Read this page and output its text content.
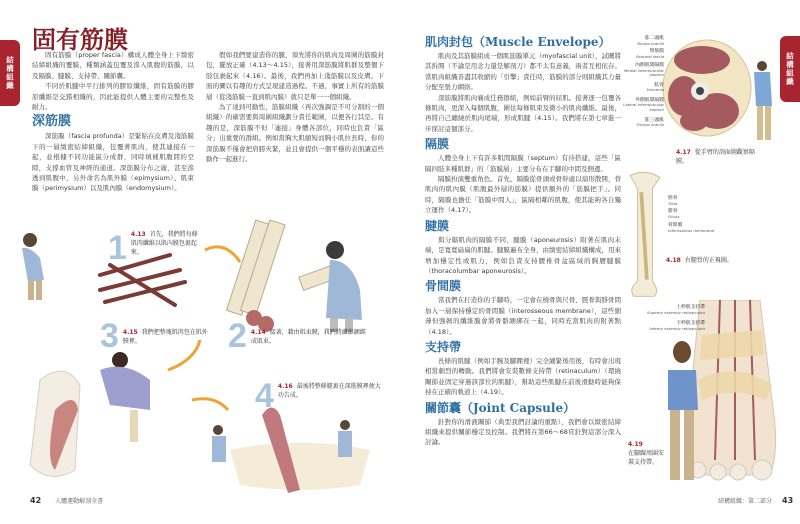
結構組織
固有筋膜

固有筋膜（proper fascia）構成人體全身上下緻密結締組織的覆膜，種類涵蓋包覆及滲入肌腹的筋膜，以及隔膜、腱膜、支持帶、關節囊。

不同於肌腱中平行排列的膠原纖維，固有筋膜的膠原纖維是交錯相織的，因此能提供人體主要的完整性及耐力。

深筋膜

深筋膜（fascia profunda）是緊貼在皮膚及淺筋膜下的一層緻密結締組織，包覆著肌肉，使其連接在一起，並根據不同功能區分成群，同時填補肌腹間的空隙，支撐血管及神經的通道。深筋膜分布之廣，甚至滲透到肌腹中，另外命名為肌外膜（epimysium）、肌束膜（perimysium）以及肌內膜（endomysium）。

假如我們要建造你的腿，須先將你的肌肉及周圍的筋膜封包，擺放正確（4.13～4.15），接著用深筋膜將肌群及整個下肢包裹起來（4.16）。最後，我們再加上淺筋膜以及皮膚。下面的圖以有趣的方式呈現建造過程。不過，事實上所有的筋膜層（從淺筋膜一直到肌內膜）就只是單一一個組織。

為了達到可動性，筋膜組織（再次強調是不可分割的一個組織）的確需要與周圍組織劃分責任範圍，以便各行其是。有趣的是，深筋膜不但「連接」身體各部位，同時也負責「區分」出重要的群組。例如當胸大肌縮短而胸小肌拉長時，你的深筋膜不僅會把肩膀夾緊，並且會提供一個平穩的表面讓這些動作一起進行。

1 4.13 首先，我們將每條肌肉纖維以肌內膜包裹起來。
2 4.14 接著，藉由肌束膜，我們將纖維綑綁成肌束。
3 4.15 我們把整塊肌肉包在肌外膜裡。
4 4.16 最後將整條腿裹在深筋膜裡便大功告成。
42 人體運動解剖全書
結構組織
肌肉封包（Muscle Envelope）

肌肉及其筋膜組成一個肌筋膜單元（myofascial unit），試圖將其拆開（不論是用念力還是解剖刀）都不太有意義，兩者互相依存。當肌肉組織善盡其收縮的「引擎」責任時，筋膜的部分則組織其力量分配至張力網絡。

深筋膜將肌肉襄成任務群組，例如前臂的屈肌。接著逐一包覆各條肌肉，更深入每個肌腹，圍住每條肌束及微小的肌肉纖維。最後，再將自己纏繞於肌肉尾端，形成肌腱（4.15）。我們將在第七章進一步探討這個部分。

隔膜

人體全身上下有許多肌間隔膜（septum）有待搭建，這些「區隔四肢多種肌群」的「筋膜層」主要分布在手腳的中間及側邊。

隔膜扮演雙重角色。首先，隔膜從骨頭或骨幹處以扇形散開，替肌肉的肌內膜（肌腹最外層的筋膜）提供額外的「筋膜把手」。同時，隔膜也擔任「筋膜中間人」，區隔相鄰的肌腹，使其能夠各自獨立運作（4.17）。

腱膜

與分隔肌肉的隔膜不同，腱膜（aponeurosis）附著在肌肉末端，是寬寬扁扁的肌腱。腱膜遍布全身，由緻密結締組織構成，用來增加穩定性或肌力，例如負責支持腰椎骨盆區域的胸腰腱膜（thoracolumbar aponeurosis）。

骨間膜

當我們在打造你的手腳時，一定會在橈骨與尺骨、脛骨與腓骨間加入一層保持穩定的骨間膜（interosseous membrane），這些細薄但強韌的纖維膜會將骨骼綑綁在一起，同時充當肌肉的附著點（4.18）。

支持帶

長條的肌腱（例如手腕及腳踝裡）完全繃緊後用後，有時會出現相當劇烈的轉動。我們將會安裝數條支持帶（retinaculum）（環繞關節並固定穿過該部位的肌腱），幫助這些肌腱在前後滑動時能夠保持在正確的軌道上（4.19）。

關節囊（Joint Capsule）

針對你的滑液關節（典型我們討論的重點），我們會以緻密結締組織來提供關節穩定及控制。我們將在第66～68頁針對這部分深入討論。

肱二頭肌
Biceps brachii
臂筋膜
Brachial fascia
內側肌間隔膜
Medial intermuscular septum
肱骨
Humerus
外側肌間隔膜
Lateral intermuscular septum
肱三頭肌
Triceps brachii
4.17 從手臂的剖面圖觀察隔膜。
脛骨
Tibia
腓骨
Fibula
骨間膜
Interosseous membrane
4.18 右腿骨的正視圖。
上伸肌支持帶
Superior extensor retinaculum
下伸肌支持帶
Inferior extensor retinaculum
4.19
在腳踝周圍安裝支持帶。
結構組織：第二部分 43
